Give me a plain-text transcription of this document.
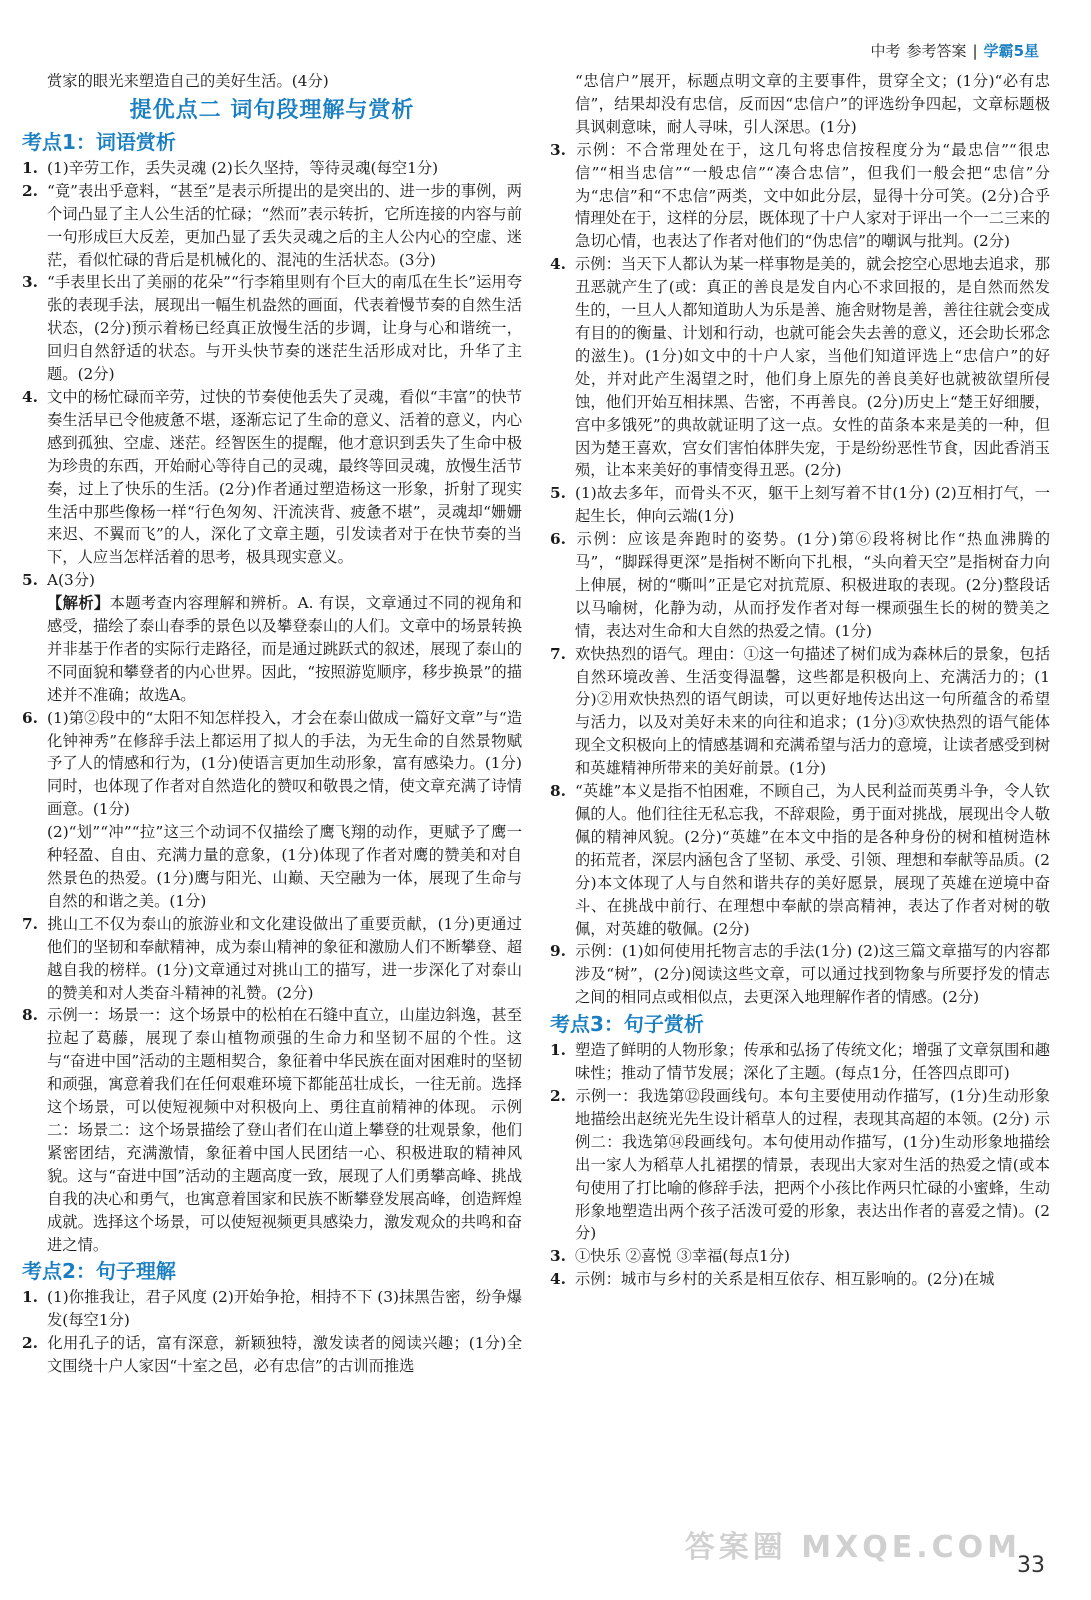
中考 参考答案 | 学霸5星
赏家的眼光来塑造自己的美好生活。(4分)
提优点二 词句段理解与赏析
考点1：词语赏析
1. (1)辛劳工作，丢失灵魂 (2)长久坚持，等待灵魂(每空1分)
2. “竟”表出乎意料，“甚至”是表示所提出的是突出的、进一步的事例，两个词凸显了主人公生活的忙碌；“然而”表示转折，它所连接的内容与前一句形成巨大反差，更加凸显了丢失灵魂之后的主人公内心的空虚、迷茫，看似忙碌的背后是机械化的、混沌的生活状态。(3分)
3. “手表里长出了美丽的花朵”“行李箱里则有个巨大的南瓜在生长”运用夸张的表现手法，展现出一幅生机盎然的画面，代表着慢节奏的自然生活状态，(2分)预示着杨已经真正放慢生活的步调，让身与心和谐统一，回归自然舒适的状态。与开头快节奏的迷茫生活形成对比，升华了主题。(2分)
4. 文中的杨忙碌而辛劳，过快的节奏使他丢失了灵魂，看似“丰富”的快节奏生活早已令他疲惫不堪，逐渐忘记了生命的意义、活着的意义，内心感到孤独、空虚、迷茫。经智医生的提醒，他才意识到丢失了生命中极为珍贵的东西，开始耐心等待自己的灵魂，最终等回灵魂，放慢生活节奏，过上了快乐的生活。(2分)作者通过塑造杨这一形象，折射了现实生活中那些像杨一样“行色匆匆、汗流浃背、疲惫不堪”，灵魂却“姗姗来迟、不翼而飞”的人，深化了文章主题，引发读者对于在快节奏的当下，人应当怎样活着的思考，极具现实意义。
5. A(3分)
【解析】本题考查内容理解和辨析。A. 有误，文章通过不同的视角和感受，描绘了泰山春季的景色以及攀登泰山的人们。文章中的场景转换并非基于作者的实际行走路径，而是通过跳跃式的叙述，展现了泰山的不同面貌和攀登者的内心世界。因此，“按照游览顺序，移步换景”的描述并不准确；故选A。
6. (1)第②段中的“太阳不知怎样投入，才会在泰山做成一篇好文章”与“造化钟神秀”在修辞手法上都运用了拟人的手法，为无生命的自然景物赋予了人的情感和行为，(1分)使语言更加生动形象，富有感染力。(1分)同时，也体现了作者对自然造化的赞叹和敬畏之情，使文章充满了诗情画意。(1分)
(2)“划”“冲”“拉”这三个动词不仅描绘了鹰飞翔的动作，更赋予了鹰一种轻盈、自由、充满力量的意象，(1分)体现了作者对鹰的赞美和对自然景色的热爱。(1分)鹰与阳光、山巅、天空融为一体，展现了生命与自然的和谐之美。(1分)
7. 挑山工不仅为泰山的旅游业和文化建设做出了重要贡献，(1分)更通过他们的坚韧和奉献精神，成为泰山精神的象征和激励人们不断攀登、超越自我的榜样。(1分)文章通过对挑山工的描写，进一步深化了对泰山的赞美和对人类奋斗精神的礼赞。(2分)
8. 示例一：场景一：这个场景中的松柏在石缝中直立，山崖边斜逸，甚至拉起了葛藤，展现了泰山植物顽强的生命力和坚韧不屈的个性。这与“奋进中国”活动的主题相契合，象征着中华民族在面对困难时的坚韧和顽强，寓意着我们在任何艰难环境下都能茁壮成长，一往无前。选择这个场景，可以使短视频中对积极向上、勇往直前精神的体现。 示例二：场景二：这个场景描绘了登山者们在山道上攀登的壮观景象，他们紧密团结，充满激情，象征着中国人民团结一心、积极进取的精神风貌。这与“奋进中国”活动的主题高度一致，展现了人们勇攀高峰、挑战自我的决心和勇气，也寓意着国家和民族不断攀登发展高峰，创造辉煌成就。选择这个场景，可以使短视频更具感染力，激发观众的共鸣和奋进之情。
考点2：句子理解
1. (1)你推我让，君子风度 (2)开始争抢，相持不下 (3)抹黑告密，纷争爆发(每空1分)
2. 化用孔子的话，富有深意，新颖独特，激发读者的阅读兴趣；(1分)全文围绕十户人家因“十室之邑，必有忠信”的古训而推选
“忠信户”展开，标题点明文章的主要事件，贯穿全文；(1分)“必有忠信”，结果却没有忠信，反而因“忠信户”的评选纷争四起，文章标题极具讽刺意味，耐人寻味，引人深思。(1分)
3. 示例：不合常理处在于，这几句将忠信按程度分为“最忠信”“很忠信”“相当忠信”“一般忠信”“凑合忠信”，但我们一般会把“忠信”分为“忠信”和“不忠信”两类，文中如此分层，显得十分可笑。(2分)合乎情理处在于，这样的分层，既体现了十户人家对于评出一个一二三来的急切心情，也表达了作者对他们的“伪忠信”的嘲讽与批判。(2分)
4. 示例：当天下人都认为某一样事物是美的，就会挖空心思地去追求，那丑恶就产生了(或：真正的善良是发自内心不求回报的，是自然而然发生的，一旦人人都知道助人为乐是善、施舍财物是善，善往往就会变成有目的的衡量、计划和行动，也就可能会失去善的意义，还会助长邪念的滋生)。(1分)如文中的十户人家，当他们知道评选上“忠信户”的好处，并对此产生渴望之时，他们身上原先的善良美好也就被欲望所侵蚀，他们开始互相抹黑、告密，不再善良。(2分)历史上“楚王好细腰，宫中多饿死”的典故就证明了这一点。女性的苗条本来是美的一种，但因为楚王喜欢，宫女们害怕体胖失宠，于是纷纷恶性节食，因此香消玉殒，让本来美好的事情变得丑恶。(2分)
5. (1)故去多年，而骨头不灭，躯干上刻写着不甘(1分) (2)互相打气，一起生长，伸向云端(1分)
6. 示例：应该是奔跑时的姿势。(1分)第⑥段将树比作“热血沸腾的马”，“脚踩得更深”是指树不断向下扎根，“头向着天空”是指树奋力向上伸展，树的“嘶叫”正是它对抗荒原、积极进取的表现。(2分)整段话以马喻树，化静为动，从而抒发作者对每一棵顽强生长的树的赞美之情，表达对生命和大自然的热爱之情。(1分)
7. 欢快热烈的语气。理由：①这一句描述了树们成为森林后的景象，包括自然环境改善、生活变得温馨，这些都是积极向上、充满活力的；(1分)②用欢快热烈的语气朗读，可以更好地传达出这一句所蕴含的希望与活力，以及对美好未来的向往和追求；(1分)③欢快热烈的语气能体现全文积极向上的情感基调和充满希望与活力的意境，让读者感受到树和英雄精神所带来的美好前景。(1分)
8. “英雄”本义是指不怕困难，不顾自己，为人民利益而英勇斗争，令人钦佩的人。他们往往无私忘我，不辞艰险，勇于面对挑战，展现出令人敬佩的精神风貌。(2分)“英雄”在本文中指的是各种身份的树和植树造林的拓荒者，深层内涵包含了坚韧、承受、引领、理想和奉献等品质。(2分)本文体现了人与自然和谐共存的美好愿景，展现了英雄在逆境中奋斗、在挑战中前行、在理想中奉献的崇高精神，表达了作者对树的敬佩，对英雄的敬佩。(2分)
9. 示例：(1)如何使用托物言志的手法(1分) (2)这三篇文章描写的内容都涉及“树”，(2分)阅读这些文章，可以通过找到物象与所要抒发的情志之间的相同点或相似点，去更深入地理解作者的情感。(2分)
考点3：句子赏析
1. 塑造了鲜明的人物形象；传承和弘扬了传统文化；增强了文章氛围和趣味性；推动了情节发展；深化了主题。(每点1分，任答四点即可)
2. 示例一：我选第⑫段画线句。本句主要使用动作描写，(1分)生动形象地描绘出赵统光先生设计稻草人的过程，表现其高超的本领。(2分) 示例二：我选第⑭段画线句。本句使用动作描写，(1分)生动形象地描绘出一家人为稻草人扎裙摆的情景，表现出大家对生活的热爱之情(或本句使用了打比喻的修辞手法，把两个小孩比作两只忙碌的小蜜蜂，生动形象地塑造出两个孩子活泼可爱的形象，表达出作者的喜爱之情)。(2分)
3. ①快乐 ②喜悦 ③幸福(每点1分)
4. 示例：城市与乡村的关系是相互依存、相互影响的。(2分)在城
答案圈 MXQE.COM
33
